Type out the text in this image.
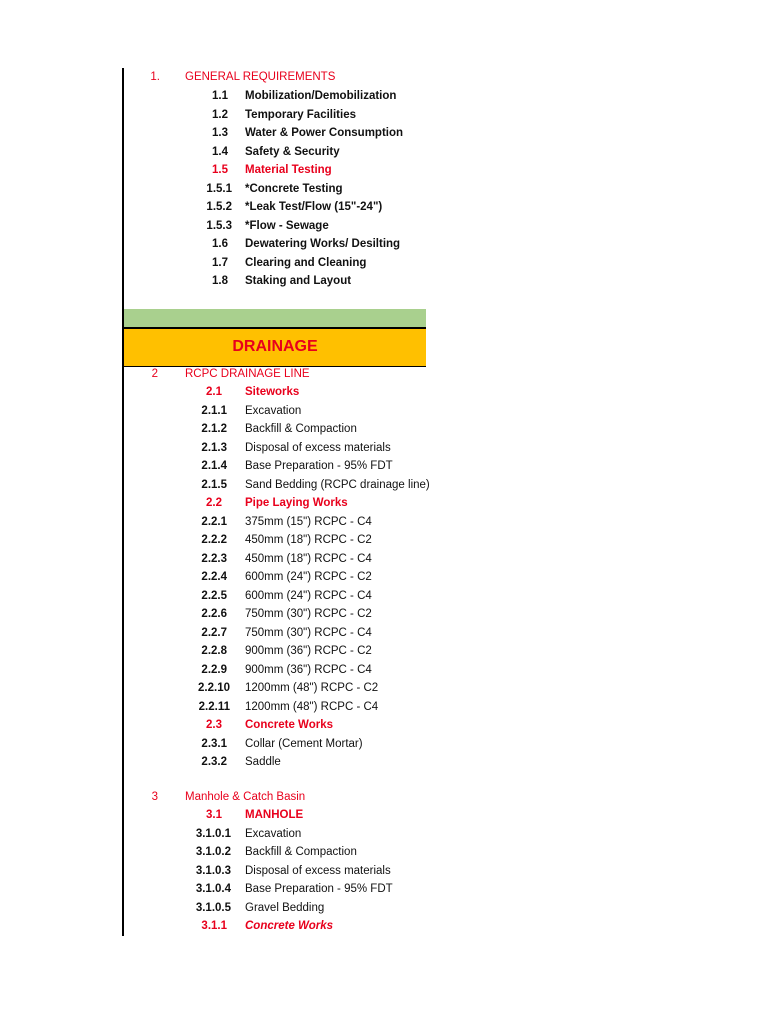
1. GENERAL REQUIREMENTS
1.1 Mobilization/Demobilization
1.2 Temporary Facilities
1.3 Water & Power Consumption
1.4 Safety & Security
1.5 Material Testing
1.5.1 *Concrete Testing
1.5.2 *Leak Test/Flow (15"-24")
1.5.3 *Flow - Sewage
1.6 Dewatering Works/ Desilting
1.7 Clearing and Cleaning
1.8 Staking and Layout
DRAINAGE
2 RCPC DRAINAGE LINE
2.1 Siteworks
2.1.1 Excavation
2.1.2 Backfill & Compaction
2.1.3 Disposal of excess materials
2.1.4 Base Preparation - 95% FDT
2.1.5 Sand Bedding (RCPC drainage line)
2.2 Pipe Laying Works
2.2.1 375mm (15") RCPC - C4
2.2.2 450mm (18") RCPC - C2
2.2.3 450mm (18") RCPC - C4
2.2.4 600mm (24") RCPC - C2
2.2.5 600mm (24") RCPC - C4
2.2.6 750mm (30") RCPC - C2
2.2.7 750mm (30") RCPC - C4
2.2.8 900mm (36") RCPC - C2
2.2.9 900mm (36") RCPC - C4
2.2.10 1200mm (48") RCPC - C2
2.2.11 1200mm (48") RCPC - C4
2.3 Concrete Works
2.3.1 Collar (Cement Mortar)
2.3.2 Saddle
3 Manhole & Catch Basin
3.1 MANHOLE
3.1.0.1 Excavation
3.1.0.2 Backfill & Compaction
3.1.0.3 Disposal of excess materials
3.1.0.4 Base Preparation - 95% FDT
3.1.0.5 Gravel Bedding
3.1.1 Concrete Works
